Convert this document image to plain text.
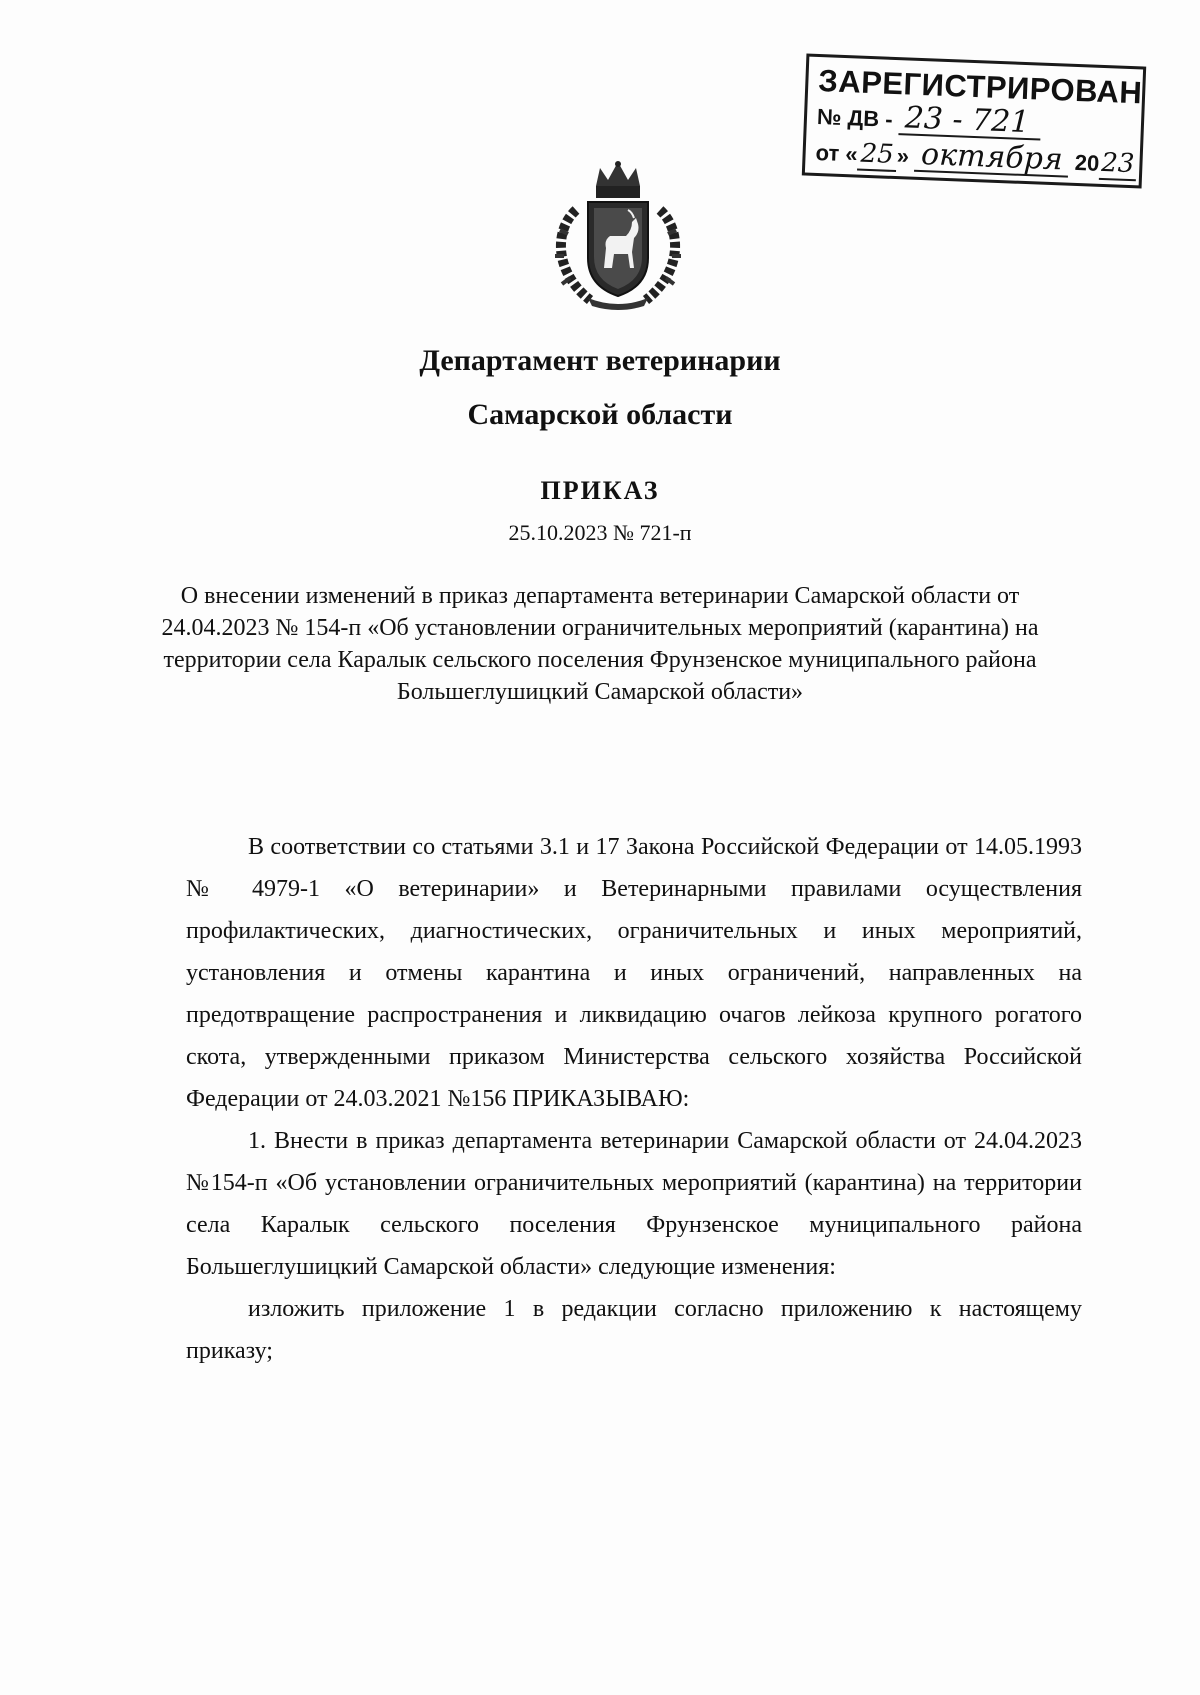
ЗАРЕГИСТРИРОВАН
№ ДВ - 23 - 721
от «25» октября 2023
Департамент ветеринарии
Самарской области
ПРИКАЗ
25.10.2023 № 721-п
О внесении изменений в приказ департамента ветеринарии Самарской области от 24.04.2023 № 154-п «Об установлении ограничительных мероприятий (карантина) на территории села Каралык сельского поселения Фрунзенское муниципального района Большеглушицкий Самарской области»

В соответствии со статьями 3.1 и 17 Закона Российской Федерации от 14.05.1993 № 4979-1 «О ветеринарии» и Ветеринарными правилами осуществления профилактических, диагностических, ограничительных и иных мероприятий, установления и отмены карантина и иных ограничений, направленных на предотвращение распространения и ликвидацию очагов лейкоза крупного рогатого скота, утвержденными приказом Министерства сельского хозяйства Российской Федерации от 24.03.2021 №156 ПРИКАЗЫВАЮ:

1. Внести в приказ департамента ветеринарии Самарской области от 24.04.2023 №154-п «Об установлении ограничительных мероприятий (карантина) на территории села Каралык сельского поселения Фрунзенское муниципального района Большеглушицкий Самарской области» следующие изменения:

изложить приложение 1 в редакции согласно приложению к настоящему приказу;
